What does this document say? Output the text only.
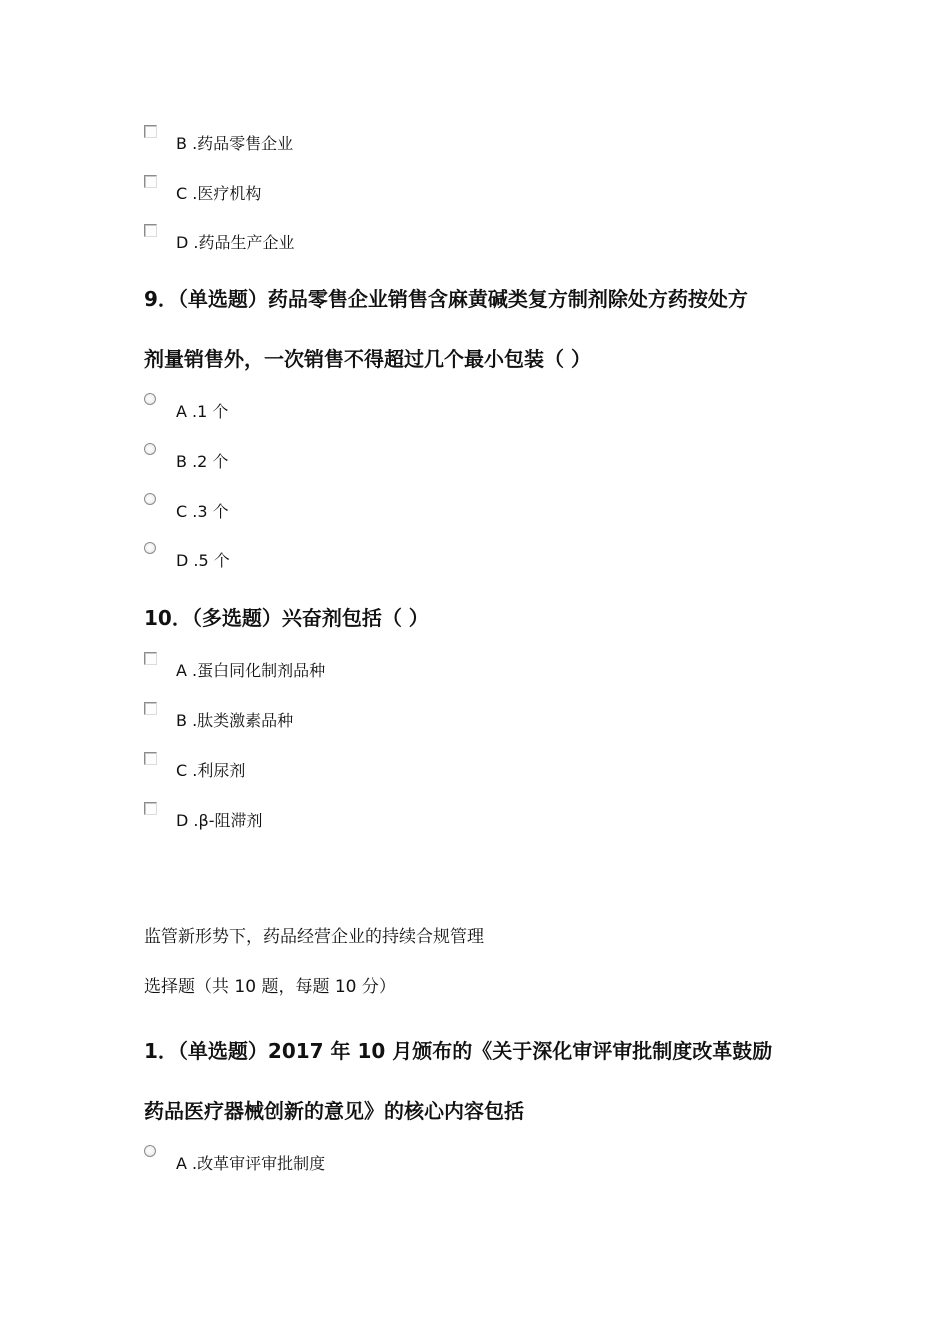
B .药品零售企业
C .医疗机构
D .药品生产企业
9．（单选题）药品零售企业销售含麻黄碱类复方制剂除处方药按处方
剂量销售外，一次销售不得超过几个最小包装（ ）
A .1 个
B .2 个
C .3 个
D .5 个
10．（多选题）兴奋剂包括（ ）
A .蛋白同化制剂品种
B .肽类激素品种
C .利尿剂
D .β-阻滞剂
监管新形势下，药品经营企业的持续合规管理
选择题（共 10 题，每题 10 分）
1．（单选题）2017 年 10 月颁布的《关于深化审评审批制度改革鼓励
药品医疗器械创新的意见》的核心内容包括
A .改革审评审批制度
